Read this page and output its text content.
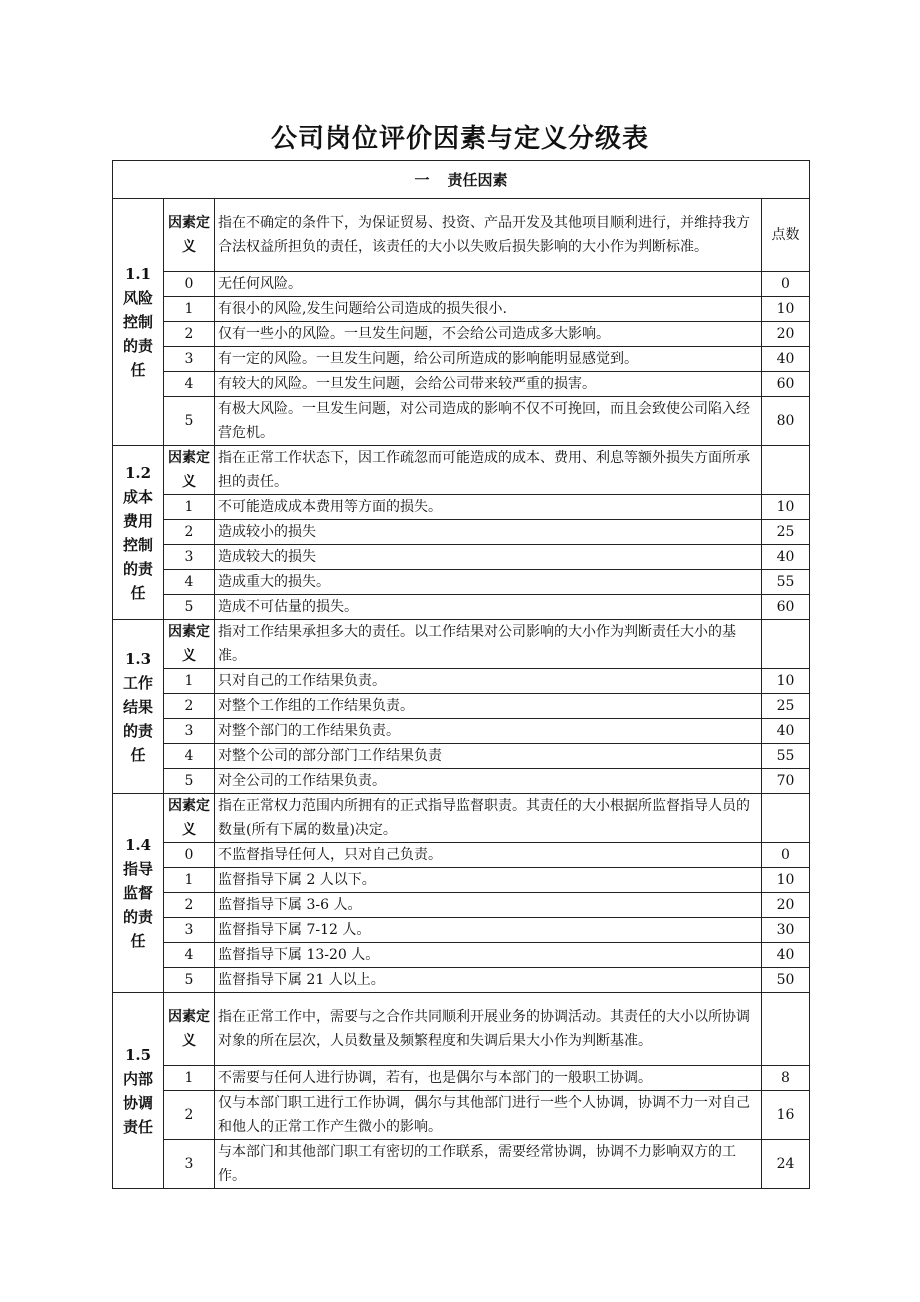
公司岗位评价因素与定义分级表
一 责任因素			
1.1 风险控制的责任	因素定义	指在不确定的条件下，为保证贸易、投资、产品开发及其他项目顺利进行，并维持我方合法权益所担负的责任，该责任的大小以失败后损失影响的大小作为判断标准。	点数
	0	无任何风险。	0
	1	有很小的风险,发生问题给公司造成的损失很小.	10
	2	仅有一些小的风险。一旦发生问题，不会给公司造成多大影响。	20
	3	有一定的风险。一旦发生问题，给公司所造成的影响能明显感觉到。	40
	4	有较大的风险。一旦发生问题，会给公司带来较严重的损害。	60
	5	有极大风险。一旦发生问题，对公司造成的影响不仅不可挽回，而且会致使公司陷入经营危机。	80
1.2 成本费用控制的责任	因素定义	指在正常工作状态下，因工作疏忽而可能造成的成本、费用、利息等额外损失方面所承担的责任。	
	1	不可能造成成本费用等方面的损失。	10
	2	造成较小的损失	25
	3	造成较大的损失	40
	4	造成重大的损失。	55
	5	造成不可估量的损失。	60
1.3 工作结果的责任	因素定义	指对工作结果承担多大的责任。以工作结果对公司影响的大小作为判断责任大小的基准。	
	1	只对自己的工作结果负责。	10
	2	对整个工作组的工作结果负责。	25
	3	对整个部门的工作结果负责。	40
	4	对整个公司的部分部门工作结果负责	55
	5	对全公司的工作结果负责。	70
1.4 指导监督的责任	因素定义	指在正常权力范围内所拥有的正式指导监督职责。其责任的大小根据所监督指导人员的数量(所有下属的数量)决定。	
	0	不监督指导任何人，只对自己负责。	0
	1	监督指导下属 2 人以下。	10
	2	监督指导下属 3-6 人。	20
	3	监督指导下属 7-12 人。	30
	4	监督指导下属 13-20 人。	40
	5	监督指导下属 21 人以上。	50
1.5 内部协调责任	因素定义	指在正常工作中，需要与之合作共同顺利开展业务的协调活动。其责任的大小以所协调对象的所在层次，人员数量及频繁程度和失调后果大小作为判断基准。	
	1	不需要与任何人进行协调，若有，也是偶尔与本部门的一般职工协调。	8
	2	仅与本部门职工进行工作协调，偶尔与其他部门进行一些个人协调，协调不力一对自己和他人的正常工作产生微小的影响。	16
	3	与本部门和其他部门职工有密切的工作联系，需要经常协调，协调不力影响双方的工作。	24
